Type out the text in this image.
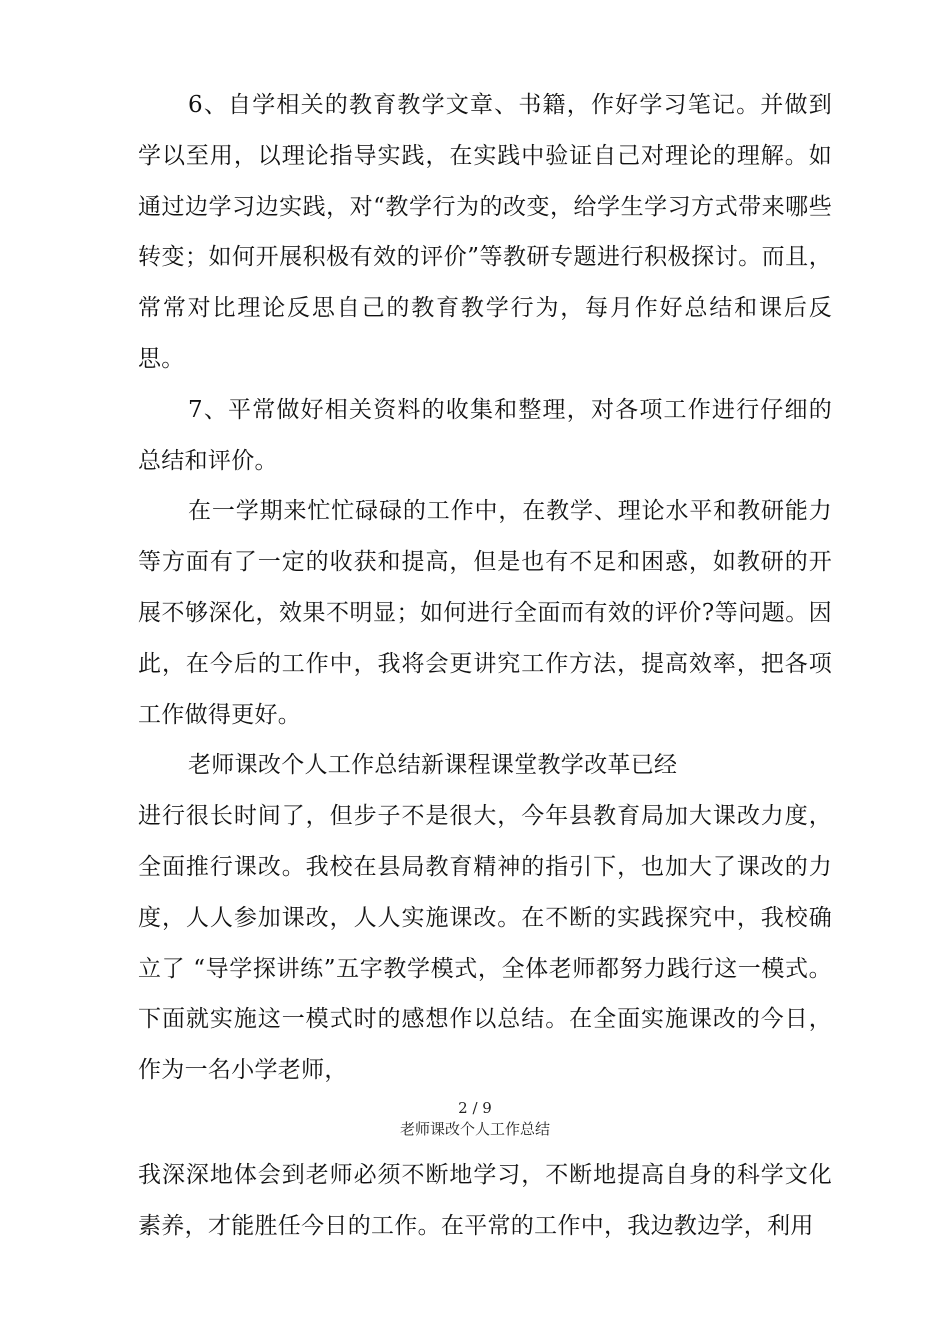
6、自学相关的教育教学文章、书籍，作好学习笔记。并做到学以至用，以理论指导实践，在实践中验证自己对理论的理解。如通过边学习边实践，对“教学行为的改变，给学生学习方式带来哪些转变；如何开展积极有效的评价”等教研专题进行积极探讨。而且，常常对比理论反思自己的教育教学行为，每月作好总结和课后反思。

7、平常做好相关资料的收集和整理，对各项工作进行仔细的总结和评价。

在一学期来忙忙碌碌的工作中，在教学、理论水平和教研能力等方面有了一定的收获和提高，但是也有不足和困惑，如教研的开展不够深化，效果不明显；如何进行全面而有效的评价?等问题。因此，在今后的工作中，我将会更讲究工作方法，提高效率，把各项工作做得更好。

老师课改个人工作总结新课程课堂教学改革已经

进行很长时间了，但步子不是很大，今年县教育局加大课改力度，全面推行课改。我校在县局教育精神的指引下，也加大了课改的力度，人人参加课改，人人实施课改。在不断的实践探究中，我校确立了 “导学探讲练”五字教学模式，全体老师都努力践行这一模式。下面就实施这一模式时的感想作以总结。在全面实施课改的今日，作为一名小学老师，

2 / 9
老师课改个人工作总结

我深深地体会到老师必须不断地学习，不断地提高自身的科学文化素养，才能胜任今日的工作。在平常的工作中，我边教边学，利用
